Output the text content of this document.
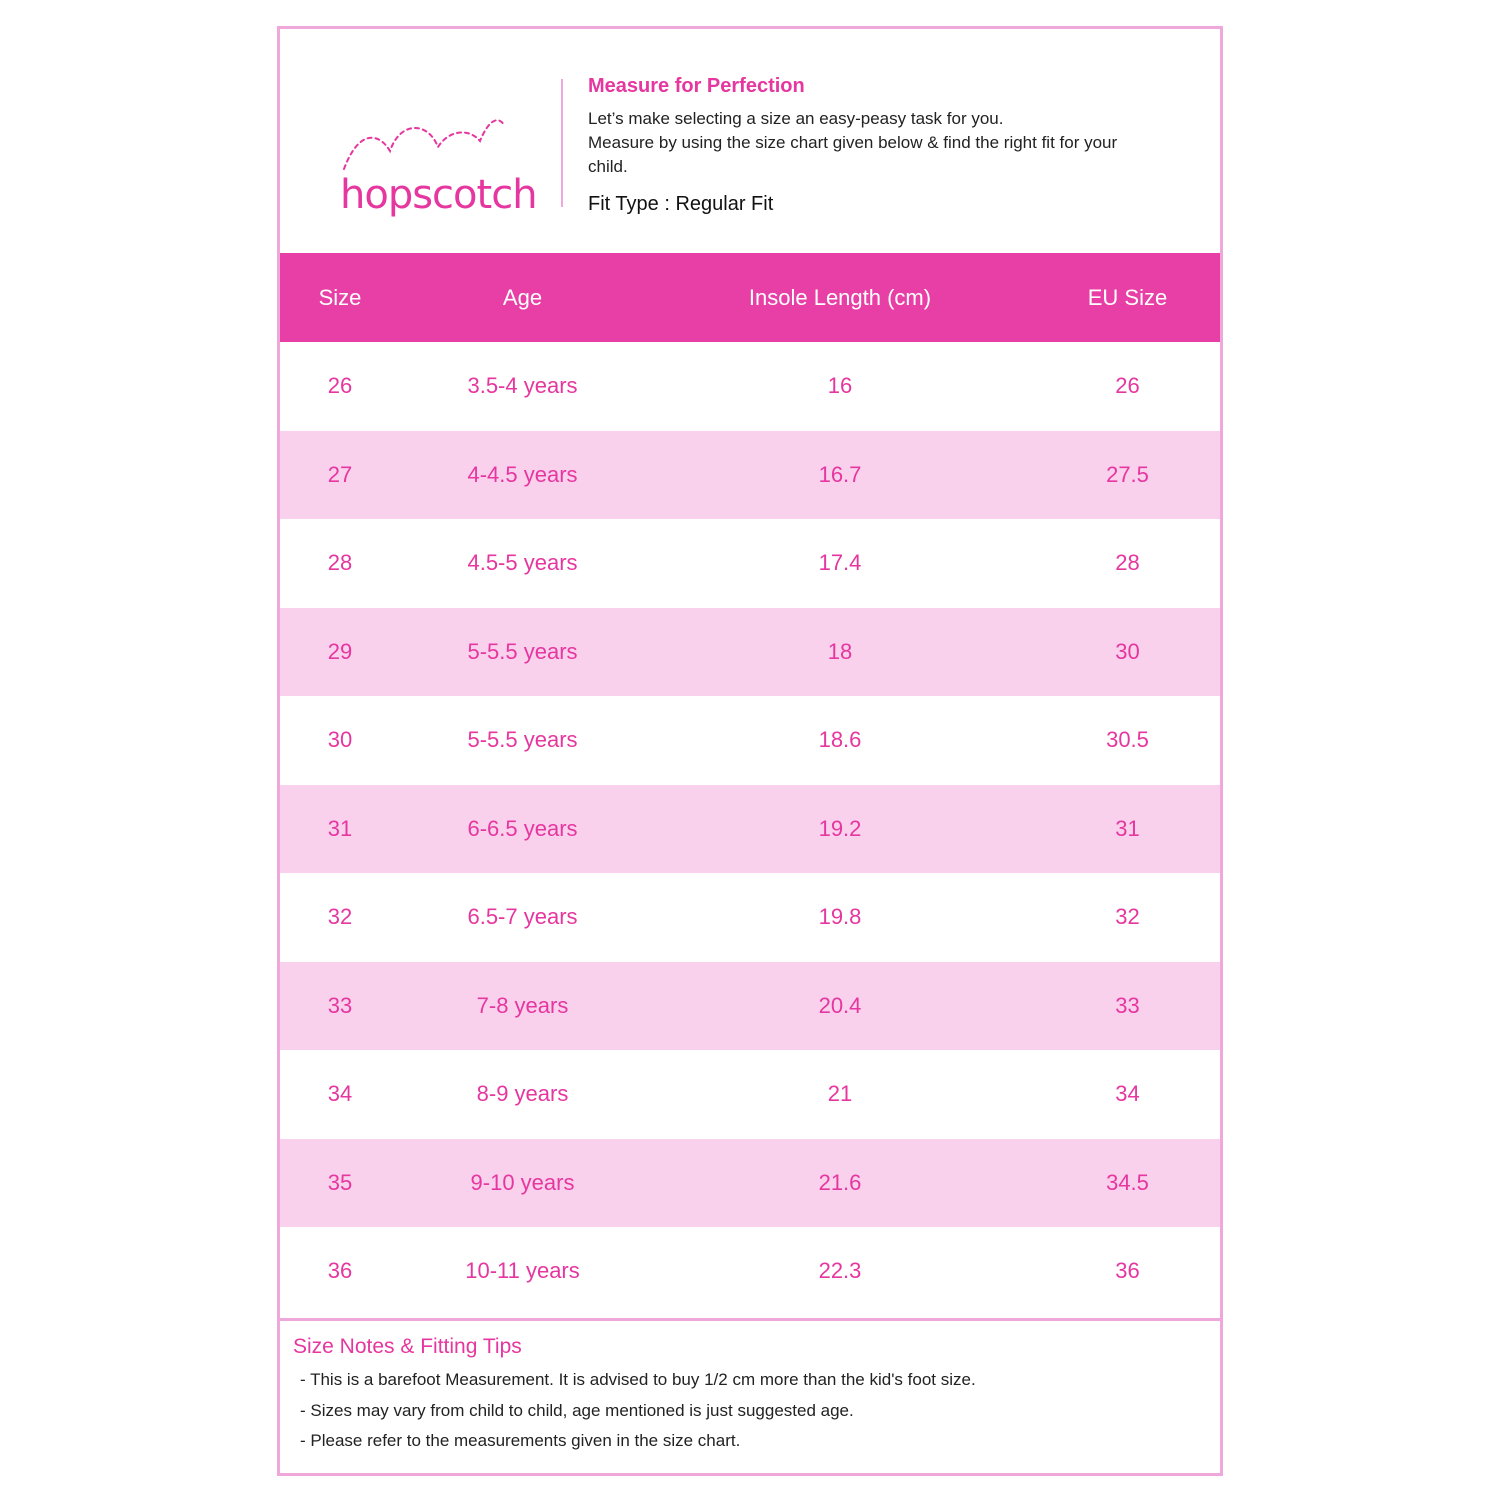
hopscotch
Measure for Perfection
Let’s make selecting a size an easy-peasy task for you.
Measure by using the size chart given below & find the right fit for your
child.
Fit Type : Regular Fit
Size	Age	Insole Length (cm)	EU Size
26	3.5-4 years	16	26
27	4-4.5 years	16.7	27.5
28	4.5-5 years	17.4	28
29	5-5.5 years	18	30
30	5-5.5 years	18.6	30.5
31	6-6.5 years	19.2	31
32	6.5-7 years	19.8	32
33	7-8 years	20.4	33
34	8-9 years	21	34
35	9-10 years	21.6	34.5
36	10-11 years	22.3	36
Size Notes & Fitting Tips
- This is a barefoot Measurement. It is advised to buy 1/2 cm more than the kid's foot size.
- Sizes may vary from child to child, age mentioned is just suggested age.
- Please refer to the measurements given in the size chart.
